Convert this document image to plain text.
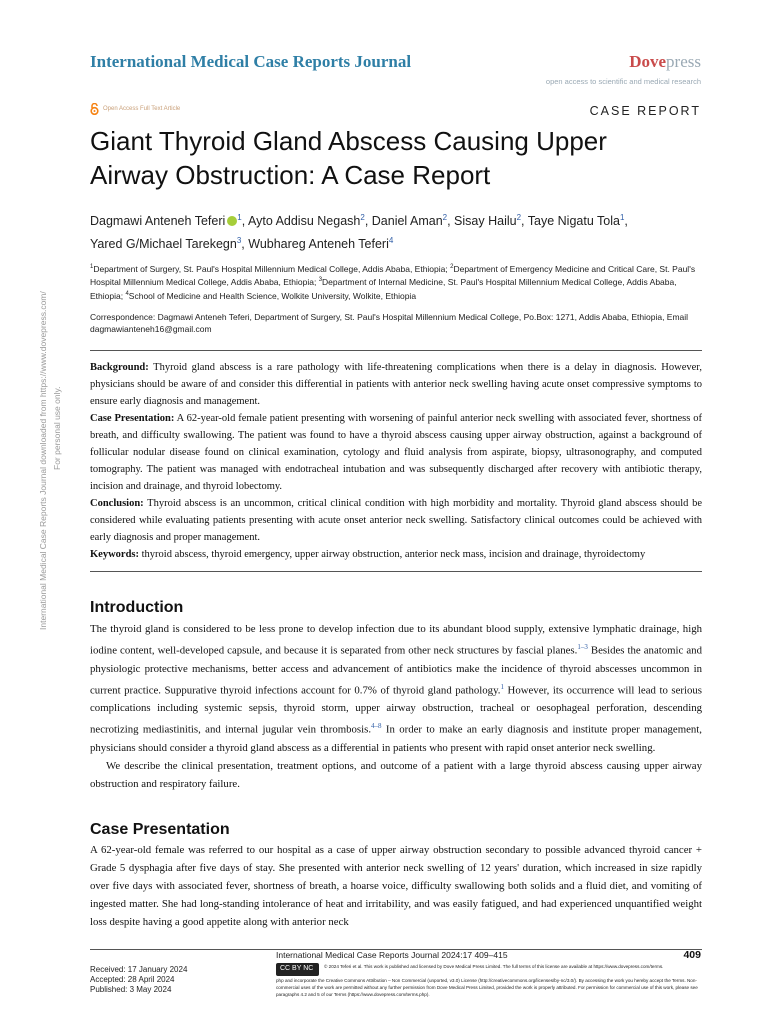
International Medical Case Reports Journal downloaded from https://www.dovepress.com/ For personal use only.
International Medical Case Reports Journal	Dovepress
open access to scientific and medical research
Open Access Full Text Article	CASE REPORT
Giant Thyroid Gland Abscess Causing Upper Airway Obstruction: A Case Report
Dagmawi Anteneh Teferi $^1$, Ayto Addisu Negash$^2$, Daniel Aman$^2$, Sisay Hailu$^2$, Taye Nigatu Tola$^1$,
Yared G/Michael Tarekegn$^3$, Wubhareg Anteneh Teferi$^4$
$^1$Department of Surgery, St. Paul's Hospital Millennium Medical College, Addis Ababa, Ethiopia; $^2$Department of Emergency Medicine and Critical Care, St. Paul's Hospital Millennium Medical College, Addis Ababa, Ethiopia; $^3$Department of Internal Medicine, St. Paul's Hospital Millennium Medical College, Addis Ababa, Ethiopia; $^4$School of Medicine and Health Science, Wolkite University, Wolkite, Ethiopia
Correspondence: Dagmawi Anteneh Teferi, Department of Surgery, St. Paul's Hospital Millennium Medical College, Po.Box: 1271, Addis Ababa, Ethiopia, Email dagmawianteneh16@gmail.com

Background: Thyroid gland abscess is a rare pathology with life-threatening complications when there is a delay in diagnosis. However, physicians should be aware of and consider this differential in patients with anterior neck swelling having acute onset compressive symptoms to ensure early diagnosis and management.

Case Presentation: A 62-year-old female patient presenting with worsening of painful anterior neck swelling with associated fever, shortness of breath, and difficulty swallowing. The patient was found to have a thyroid abscess causing upper airway obstruction, against a background of follicular nodular disease found on clinical examination, cytology and fluid analysis from aspirate, biopsy, ultrasonography, and computed tomography. The patient was managed with endotracheal intubation and was subsequently discharged after recovery with antibiotic therapy, incision and drainage, and thyroid lobectomy.

Conclusion: Thyroid abscess is an uncommon, critical clinical condition with high morbidity and mortality. Thyroid gland abscess should be considered while evaluating patients presenting with acute onset anterior neck swelling. Satisfactory clinical outcomes could be achieved with early diagnosis and proper management.

Keywords: thyroid abscess, thyroid emergency, upper airway obstruction, anterior neck mass, incision and drainage, thyroidectomy

Introduction

The thyroid gland is considered to be less prone to develop infection due to its abundant blood supply, extensive lymphatic drainage, high iodine content, well-developed capsule, and because it is separated from other neck structures by fascial planes.$^{1-3}$ Besides the anatomic and physiologic protective mechanisms, better access and advancement of antibiotics make the incidence of thyroid abscesses uncommon in current practice. Suppurative thyroid infections account for 0.7% of thyroid gland pathology.$^1$ However, its occurrence will lead to serious complications including systemic sepsis, thyroid storm, upper airway obstruction, tracheal or oesophageal perforation, descending necrotizing mediastinitis, and internal jugular vein thrombosis.$^{4-8}$ In order to make an early diagnosis and institute proper management, physicians should consider a thyroid gland abscess as a differential in patients who present with rapid onset anterior neck swelling.

We describe the clinical presentation, treatment options, and outcome of a patient with a large thyroid abscess causing upper airway obstruction and respiratory failure.

Case Presentation

A 62-year-old female was referred to our hospital as a case of upper airway obstruction secondary to possible advanced thyroid cancer + Grade 5 dysphagia after five days of stay. She presented with anterior neck swelling of 12 years' duration, which increased in size rapidly over five days with associated fever, shortness of breath, a hoarse voice, difficulty swallowing both solids and a fluid diet, and vomiting of ingested matter. She had long-standing intolerance of heat and irritability, and was easily fatigued, and had experienced unquantified weight loss despite having a good appetite along with anterior neck

International Medical Case Reports Journal 2024:17 409–415	409
Received: 17 January 2024
Accepted: 28 April 2024
Published: 3 May 2024
CC BY NC © 2024 Teferi et al. This work is published and licensed by Dove Medical Press Limited. The full terms of this license are available at https://www.dovepress.com/terms.
php and incorporate the Creative Commons Attribution – Non Commercial (unported, v3.0) License (http://creativecommons.org/licenses/by-nc/3.0/). By accessing the work you hereby accept the Terms. Non-commercial uses of the work are permitted without any further permission from Dove Medical Press Limited, provided the work is properly attributed. For permission for commercial use of this work, please see paragraphs 4.2 and 5 of our Terms (https://www.dovepress.com/terms.php).
